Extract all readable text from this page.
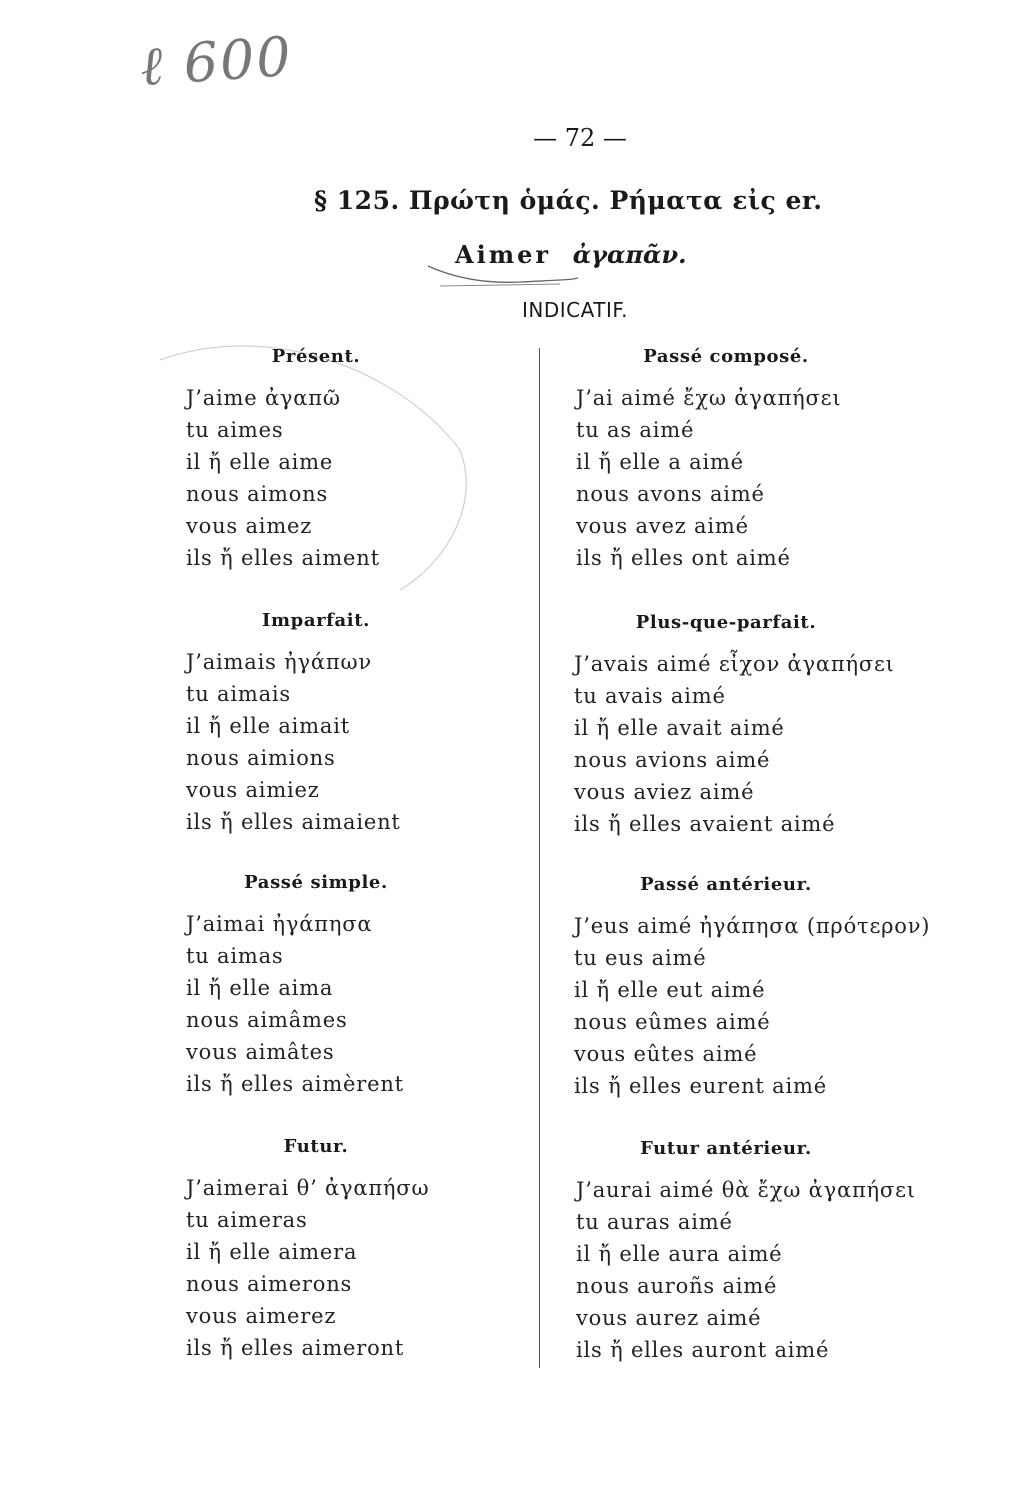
ℓ 600
— 72 —
§ 125. Πρώτη ὁμάς. Ρήματα εἰς er.
Aimer ἀγαπᾶν.
INDICATIF.
Présent.
J’aime ἀγαπῶ
tu aimes
il ἤ elle aime
nous aimons
vous aimez
ils ἤ elles aiment
Imparfait.
J’aimais ἠγάπων
tu aimais
il ἤ elle aimait
nous aimions
vous aimiez
ils ἤ elles aimaient
Passé simple.
J’aimai ἠγάπησα
tu aimas
il ἤ elle aima
nous aimâmes
vous aimâtes
ils ἤ elles aimèrent
Futur.
J’aimerai θ’ ἀγαπήσω
tu aimeras
il ἤ elle aimera
nous aimerons
vous aimerez
ils ἤ elles aimeront
Passé composé.
J’ai aimé ἔχω ἀγαπήσει
tu as aimé
il ἤ elle a aimé
nous avons aimé
vous avez aimé
ils ἤ elles ont aimé
Plus-que-parfait.
J’avais aimé εἶχον ἀγαπήσει
tu avais aimé
il ἤ elle avait aimé
nous avions aimé
vous aviez aimé
ils ἤ elles avaient aimé
Passé antérieur.
J’eus aimé ἠγάπησα (πρότερον)
tu eus aimé
il ἤ elle eut aimé
nous eûmes aimé
vous eûtes aimé
ils ἤ elles eurent aimé
Futur antérieur.
J’aurai aimé θὰ ἔχω ἀγαπήσει
tu auras aimé
il ἤ elle aura aimé
nous auroñs aimé
vous aurez aimé
ils ἤ elles auront aimé
